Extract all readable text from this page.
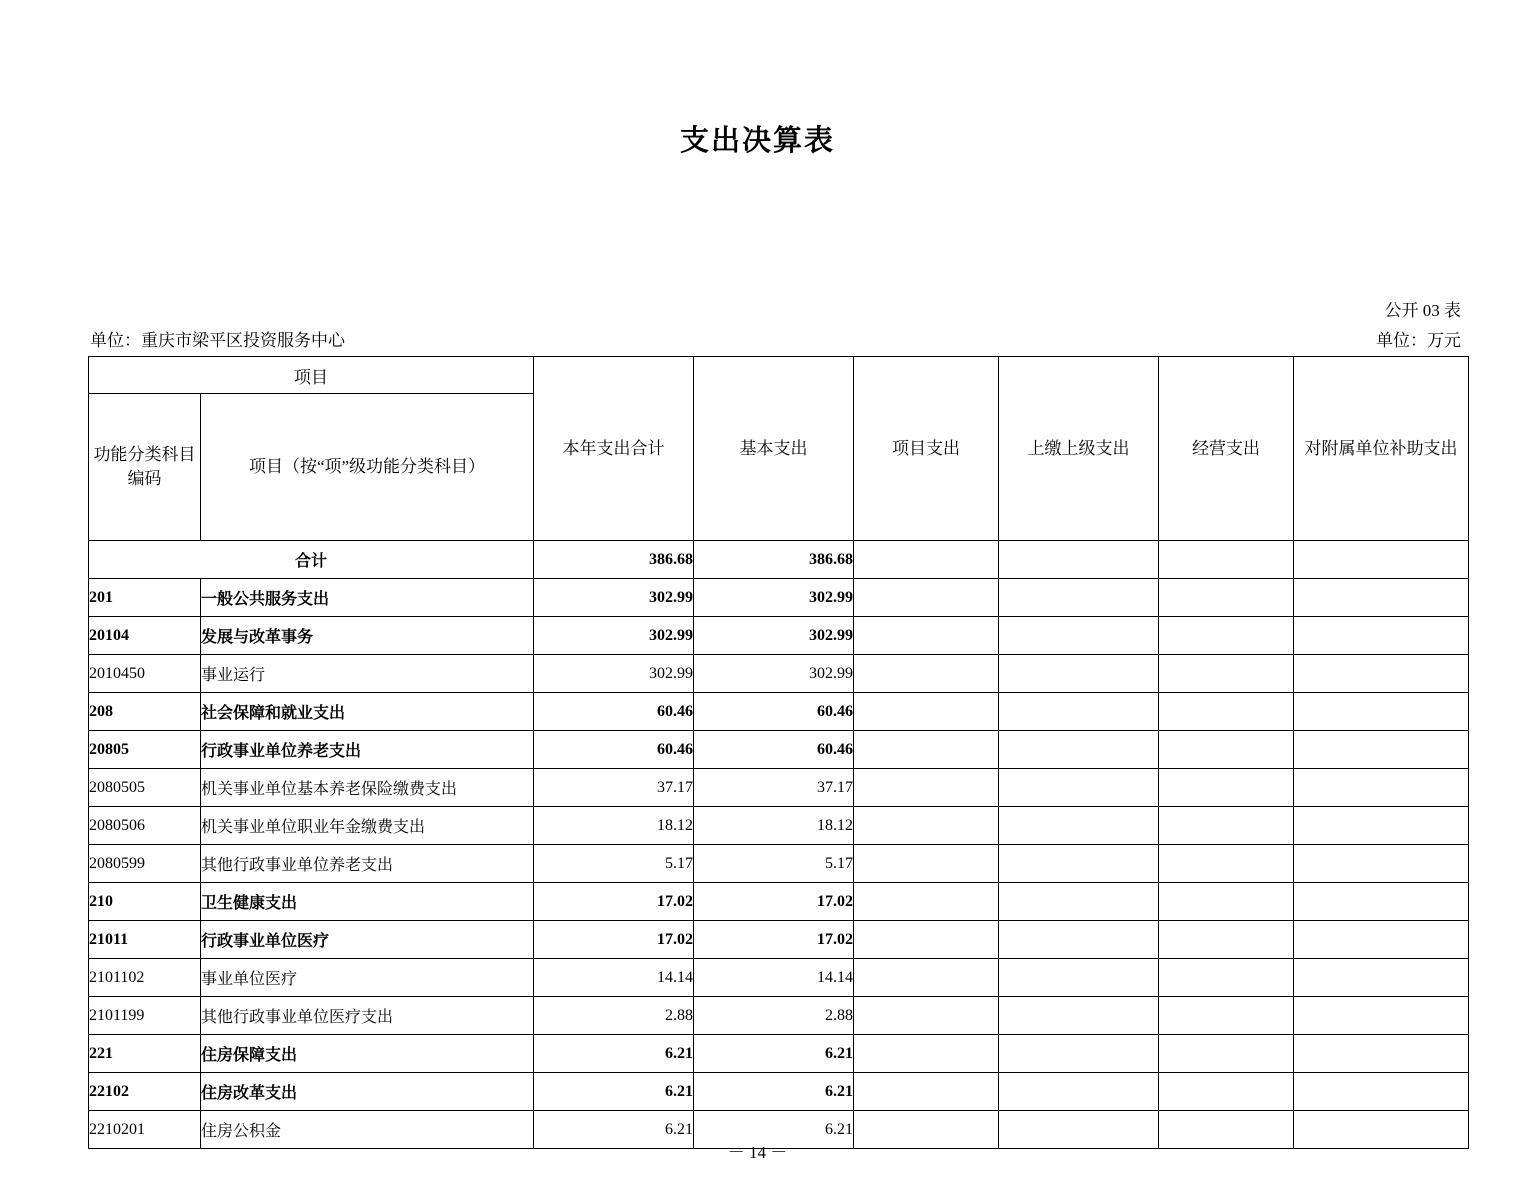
支出决算表
公开 03 表
单位：重庆市梁平区投资服务中心	单位：万元
项目		本年支出合计	基本支出	项目支出	上缴上级支出	经营支出	对附属单位补助支出
功能分类科目编码	项目（按“项”级功能分类科目）						
合计		386.68	386.68				
201	一般公共服务支出	302.99	302.99				
20104	发展与改革事务	302.99	302.99				
2010450	事业运行	302.99	302.99				
208	社会保障和就业支出	60.46	60.46				
20805	行政事业单位养老支出	60.46	60.46				
2080505	机关事业单位基本养老保险缴费支出	37.17	37.17				
2080506	机关事业单位职业年金缴费支出	18.12	18.12				
2080599	其他行政事业单位养老支出	5.17	5.17				
210	卫生健康支出	17.02	17.02				
21011	行政事业单位医疗	17.02	17.02				
2101102	事业单位医疗	14.14	14.14				
2101199	其他行政事业单位医疗支出	2.88	2.88				
221	住房保障支出	6.21	6.21				
22102	住房改革支出	6.21	6.21				
2210201	住房公积金	6.21	6.21				
－ 14 －
